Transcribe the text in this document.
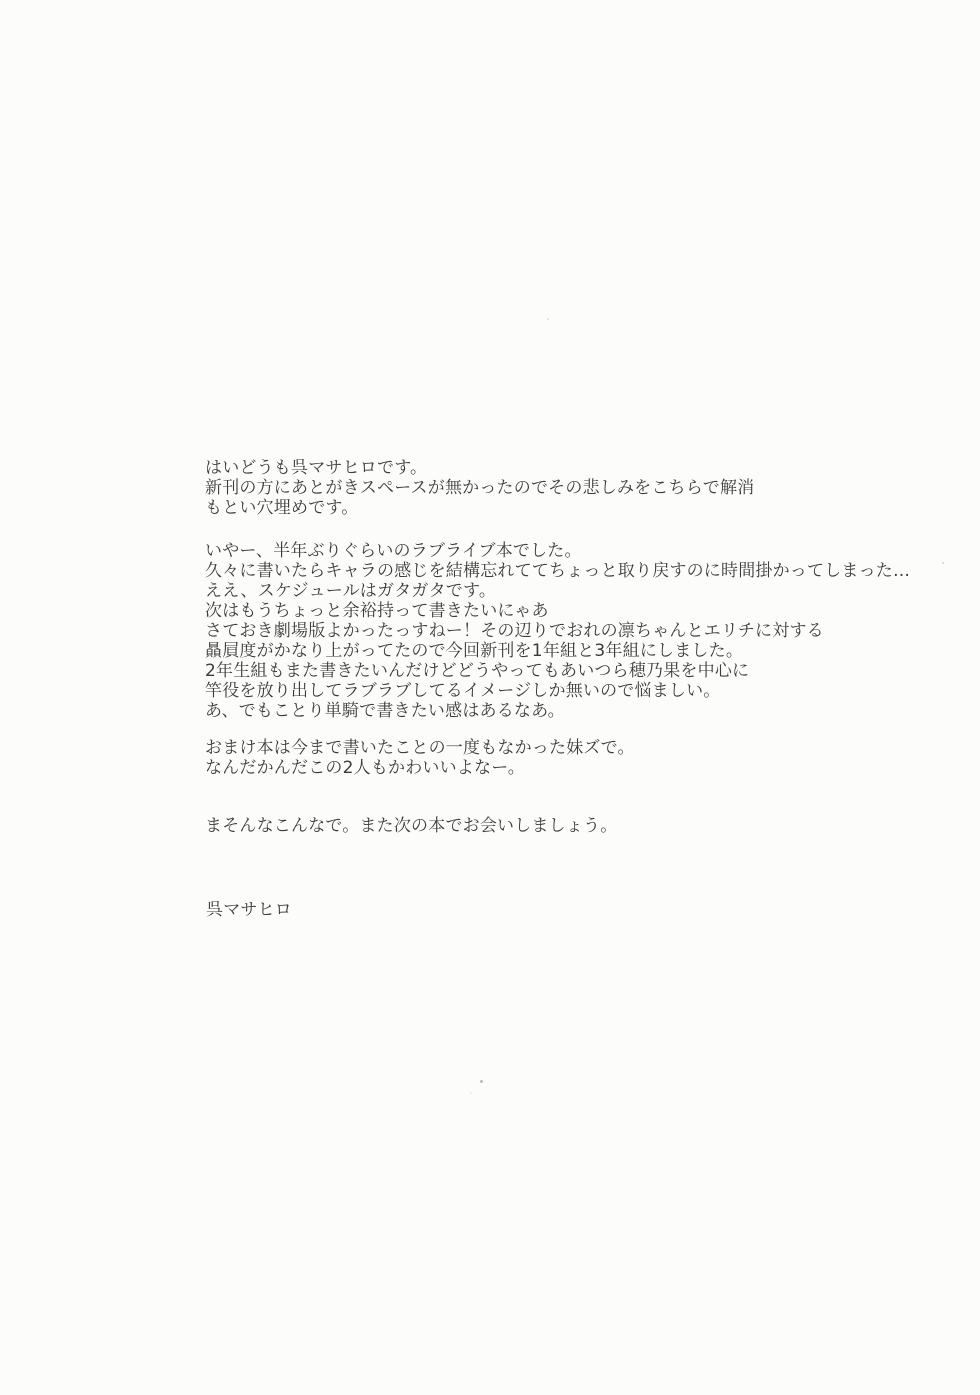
はいどうも呉マサヒロです。
新刊の方にあとがきスペースが無かったのでその悲しみをこちらで解消
もとい穴埋めです。
いやー、半年ぶりぐらいのラブライブ本でした。
久々に書いたらキャラの感じを結構忘れててちょっと取り戻すのに時間掛かってしまった…
ええ、スケジュールはガタガタです。
次はもうちょっと余裕持って書きたいにゃあ
さておき劇場版よかったっすねー！その辺りでおれの凛ちゃんとエリチに対する
贔屓度がかなり上がってたので今回新刊を1年組と3年組にしました。
2年生組もまた書きたいんだけどどうやってもあいつら穂乃果を中心に
竿役を放り出してラブラブしてるイメージしか無いので悩ましい。
あ、でもことり単騎で書きたい感はあるなあ。
おまけ本は今まで書いたことの一度もなかった妹ズで。
なんだかんだこの2人もかわいいよなー。
まそんなこんなで。また次の本でお会いしましょう。
呉マサヒロ
